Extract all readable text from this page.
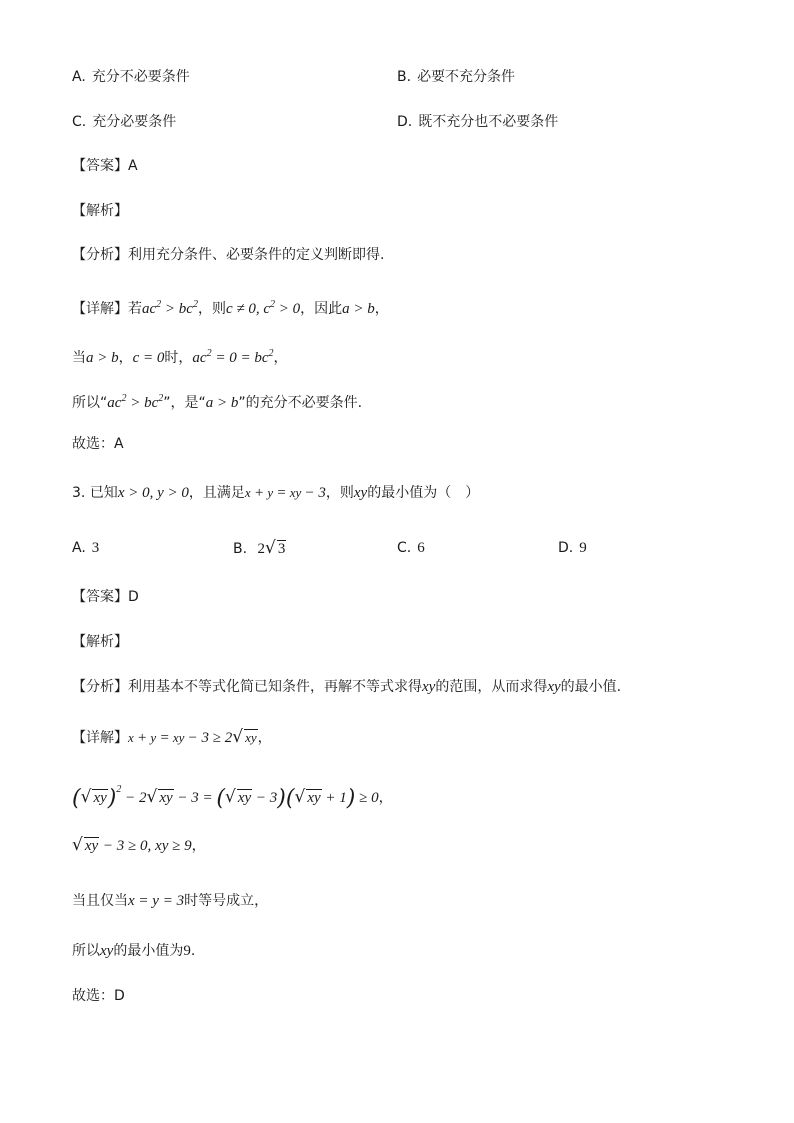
A. 充分不必要条件	B. 必要不充分条件
C. 充分必要条件	D. 既不充分也不必要条件
【答案】A
【解析】
【分析】利用充分条件、必要条件的定义判断即得.
【详解】若$ac^2 > bc^2$，则c ≠ 0, $c^2 > 0$，因此a > b，
当a > b，c = 0时，$ac^2 = 0 = bc^2$，
所以“$ac^2 > bc^2$”，是“a > b”的充分不必要条件.
故选：A
3. 已知x > 0, y > 0，且满足x + y = xy − 3，则xy的最小值为（　）
A. 3	B. 2√ 3	C. 6	D. 9
【答案】D
【解析】
【分析】利用基本不等式化简已知条件，再解不等式求得xy的范围，从而求得xy的最小值.
【详解】x + y = xy − 3 ≥ 2√ xy，
(√ xy)$^2$ − 2√ xy − 3 = (√ xy − 3)(√ xy + 1) ≥ 0，
√ xy − 3 ≥ 0, xy ≥ 9，
当且仅当x = y = 3时等号成立，
所以xy的最小值为9.
故选：D
